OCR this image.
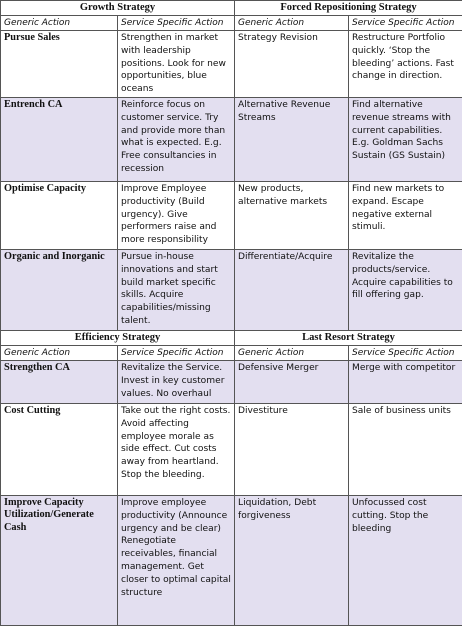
Growth Strategy		Forced Repositioning Strategy	
Generic Action	Service Specific Action	Generic Action	Service Specific Action
Pursue Sales	Strengthen in market with leadership positions. Look for new opportunities, blue oceans	Strategy Revision	Restructure Portfolio quickly. ‘Stop the bleeding’ actions. Fast change in direction.
Entrench CA	Reinforce focus on customer service. Try and provide more than what is expected. E.g. Free consultancies in recession	Alternative Revenue Streams	Find alternative revenue streams with current capabilities. E.g. Goldman Sachs Sustain (GS Sustain)
Optimise Capacity	Improve Employee productivity (Build urgency). Give performers raise and more responsibility	New products, alternative markets	Find new markets to expand. Escape negative external stimuli.
Organic and Inorganic	Pursue in-house innovations and start build market specific skills. Acquire capabilities/missing talent.	Differentiate/Acquire	Revitalize the products/service. Acquire capabilities to fill offering gap.
Efficiency Strategy		Last Resort Strategy	
Generic Action	Service Specific Action	Generic Action	Service Specific Action
Strengthen CA	Revitalize the Service. Invest in key customer values. No overhaul	Defensive Merger	Merge with competitor
Cost Cutting	Take out the right costs. Avoid affecting employee morale as side effect. Cut costs away from heartland. Stop the bleeding.	Divestiture	Sale of business units
Improve Capacity Utilization/Generate Cash	Improve employee productivity (Announce urgency and be clear) Renegotiate receivables, financial management. Get closer to optimal capital structure	Liquidation, Debt forgiveness	Unfocussed cost cutting. Stop the bleeding
